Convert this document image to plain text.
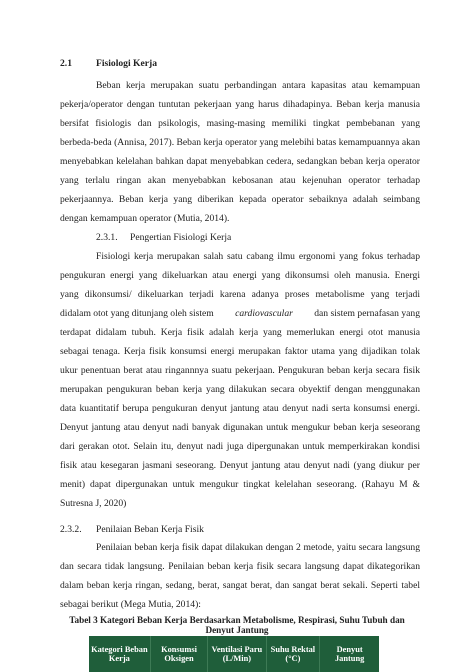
2.1	Fisiologi Kerja
Beban kerja merupakan suatu perbandingan antara kapasitas atau kemampuan
pekerja/operator dengan tuntutan pekerjaan yang harus dihadapinya. Beban kerja manusia
bersifat fisiologis dan psikologis, masing-masing memiliki tingkat pembebanan yang
berbeda-beda (Annisa, 2017). Beban kerja operator yang melebihi batas kemampuannya akan
menyebabkan kelelahan bahkan dapat menyebabkan cedera, sedangkan beban kerja operator
yang terlalu ringan akan menyebabkan kebosanan atau kejenuhan operator terhadap
pekerjaannya. Beban kerja yang diberikan kepada operator sebaiknya adalah seimbang
dengan kemampuan operator (Mutia, 2014).
2.3.1. Pengertian Fisiologi Kerja
Fisiologi kerja merupakan salah satu cabang ilmu ergonomi yang fokus terhadap
pengukuran energi yang dikeluarkan atau energi yang dikonsumsi oleh manusia. Energi
yang dikonsumsi/ dikeluarkan terjadi karena adanya proses metabolisme yang terjadi
didalam otot yang ditunjang oleh sistem cardiovascular dan sistem pernafasan yang
terdapat didalam tubuh. Kerja fisik adalah kerja yang memerlukan energi otot manusia
sebagai tenaga. Kerja fisik konsumsi energi merupakan faktor utama yang dijadikan tolak
ukur penentuan berat atau ringannnya suatu pekerjaan. Pengukuran beban kerja secara fisik
merupakan pengukuran beban kerja yang dilakukan secara obyektif dengan menggunakan
data kuantitatif berupa pengukuran denyut jantung atau denyut nadi serta konsumsi energi.
Denyut jantung atau denyut nadi banyak digunakan untuk mengukur beban kerja seseorang
dari gerakan otot. Selain itu, denyut nadi juga dipergunakan untuk memperkirakan kondisi
fisik atau kesegaran jasmani seseorang. Denyut jantung atau denyut nadi (yang diukur per
menit) dapat dipergunakan untuk mengukur tingkat kelelahan seseorang. (Rahayu M &
Sutresna J, 2020)
2.3.2. Penilaian Beban Kerja Fisik
Penilaian beban kerja fisik dapat dilakukan dengan 2 metode, yaitu secara langsung
dan secara tidak langsung. Penilaian beban kerja fisik secara langsung dapat dikategorikan
dalam beban kerja ringan, sedang, berat, sangat berat, dan sangat berat sekali. Seperti tabel
sebagai berikut (Mega Mutia, 2014):
Tabel 3 Kategori Beban Kerja Berdasarkan Metabolisme, Respirasi, Suhu Tubuh dan Denyut Jantung
Kategori Beban Kerja	Konsumsi Oksigen	Ventilasi Paru (L/Min)	Suhu Rektal (°C)	Denyut Jantung
